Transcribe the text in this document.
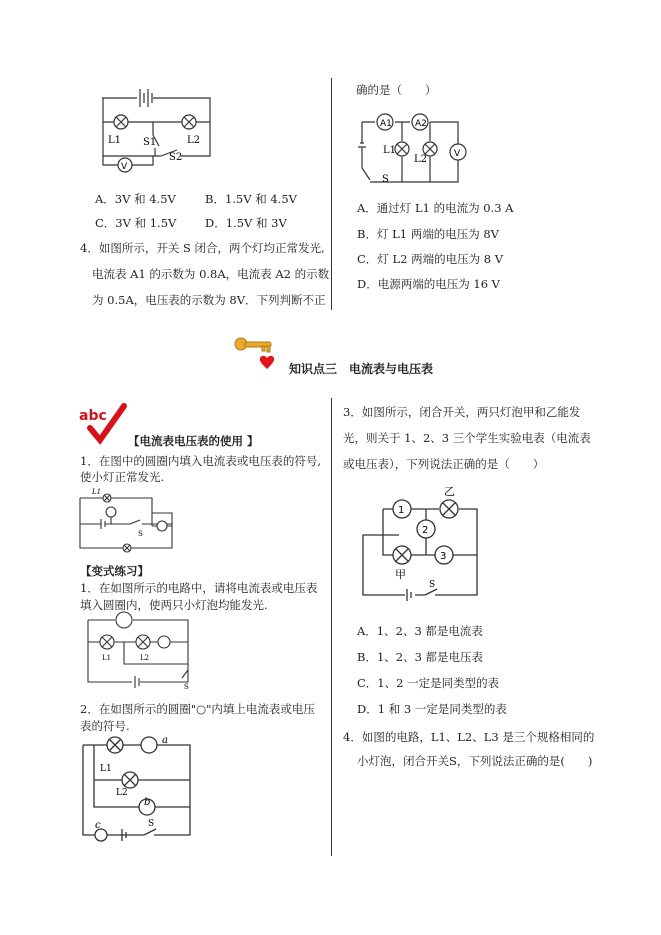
L1	L2
S1
S2
V
A．3V 和 4.5V	B．1.5V 和 4.5V
C．3V 和 1.5V D．1.5V 和 3V
4．如图所示，开关 S 闭合，两个灯均正常发光,
电流表 A1 的示数为 0.8A，电流表 A2 的示数
为 0.5A，电压表的示数为 8V．下列判断不正
确的是（　　）
A1	A2
L1
L2	V
S
A．通过灯 L1 的电流为 0.3 A
B．灯 L1 两端的电压为 8V
C．灯 L2 两端的电压为 8 V
D．电源两端的电压为 16 V
知识点三　电流表与电压表
abc
【电流表电压表的使用 】
1．在图中的圆圈内填入电流表或电压表的符号,
使小灯正常发光.
L1
S
【变式练习】
1．在如图所示的电路中，请将电流表或电压表
填入圆圈内，使两只小灯泡均能发光.
L1	L2
S
2．在如图所示的圆圈"○"内填上电流表或电压
表的符号.
a
L1
L2
b
c	S
3．如图所示，闭合开关，两只灯泡甲和乙能发
光，则关于 1、2、3 三个学生实验电表（电流表
或电压表），下列说法正确的是（　　）
乙
甲
1
2
3
S
A．1、2、3 都是电流表
B．1、2、3 都是电压表
C．1、2 一定是同类型的表
D．1 和 3 一定是同类型的表
4．如图的电路，L1、L2、L3 是三个规格相同的
小灯泡，闭合开关S，下列说法正确的是(　　)
